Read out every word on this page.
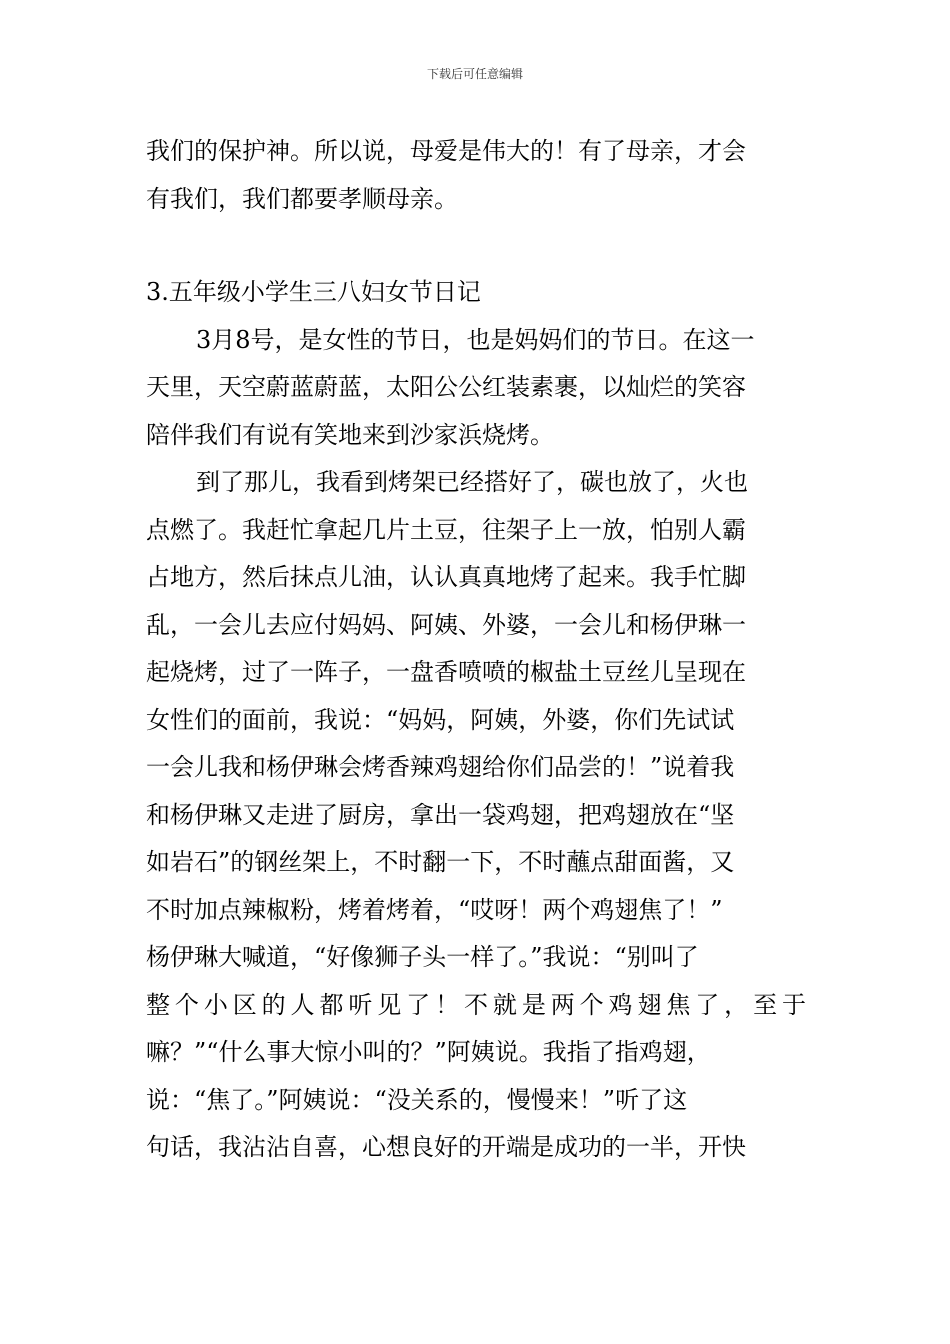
下载后可任意编辑
我们的保护神。所以说，母爱是伟大的！有了母亲，才会
有我们，我们都要孝顺母亲。
3.五年级小学生三八妇女节日记
3月8号，是女性的节日，也是妈妈们的节日。在这一
天里，天空蔚蓝蔚蓝，太阳公公红装素裹，以灿烂的笑容
陪伴我们有说有笑地来到沙家浜烧烤。
到了那儿，我看到烤架已经搭好了，碳也放了，火也
点燃了。我赶忙拿起几片土豆，往架子上一放，怕别人霸
占地方，然后抹点儿油，认认真真地烤了起来。我手忙脚
乱，一会儿去应付妈妈、阿姨、外婆，一会儿和杨伊琳一
起烧烤，过了一阵子，一盘香喷喷的椒盐土豆丝儿呈现在
女性们的面前，我说：“妈妈，阿姨，外婆，你们先试试
一会儿我和杨伊琳会烤香辣鸡翅给你们品尝的！”说着我
和杨伊琳又走进了厨房，拿出一袋鸡翅，把鸡翅放在“坚
如岩石”的钢丝架上，不时翻一下，不时蘸点甜面酱，又
不时加点辣椒粉，烤着烤着，“哎呀！两个鸡翅焦了！”
杨伊琳大喊道，“好像狮子头一样了。”我说：“别叫了
整个小区的人都听见了！不就是两个鸡翅焦了，至于
嘛？”“什么事大惊小叫的？”阿姨说。我指了指鸡翅，
说：“焦了。”阿姨说：“没关系的，慢慢来！”听了这
句话，我沾沾自喜，心想良好的开端是成功的一半，开快
